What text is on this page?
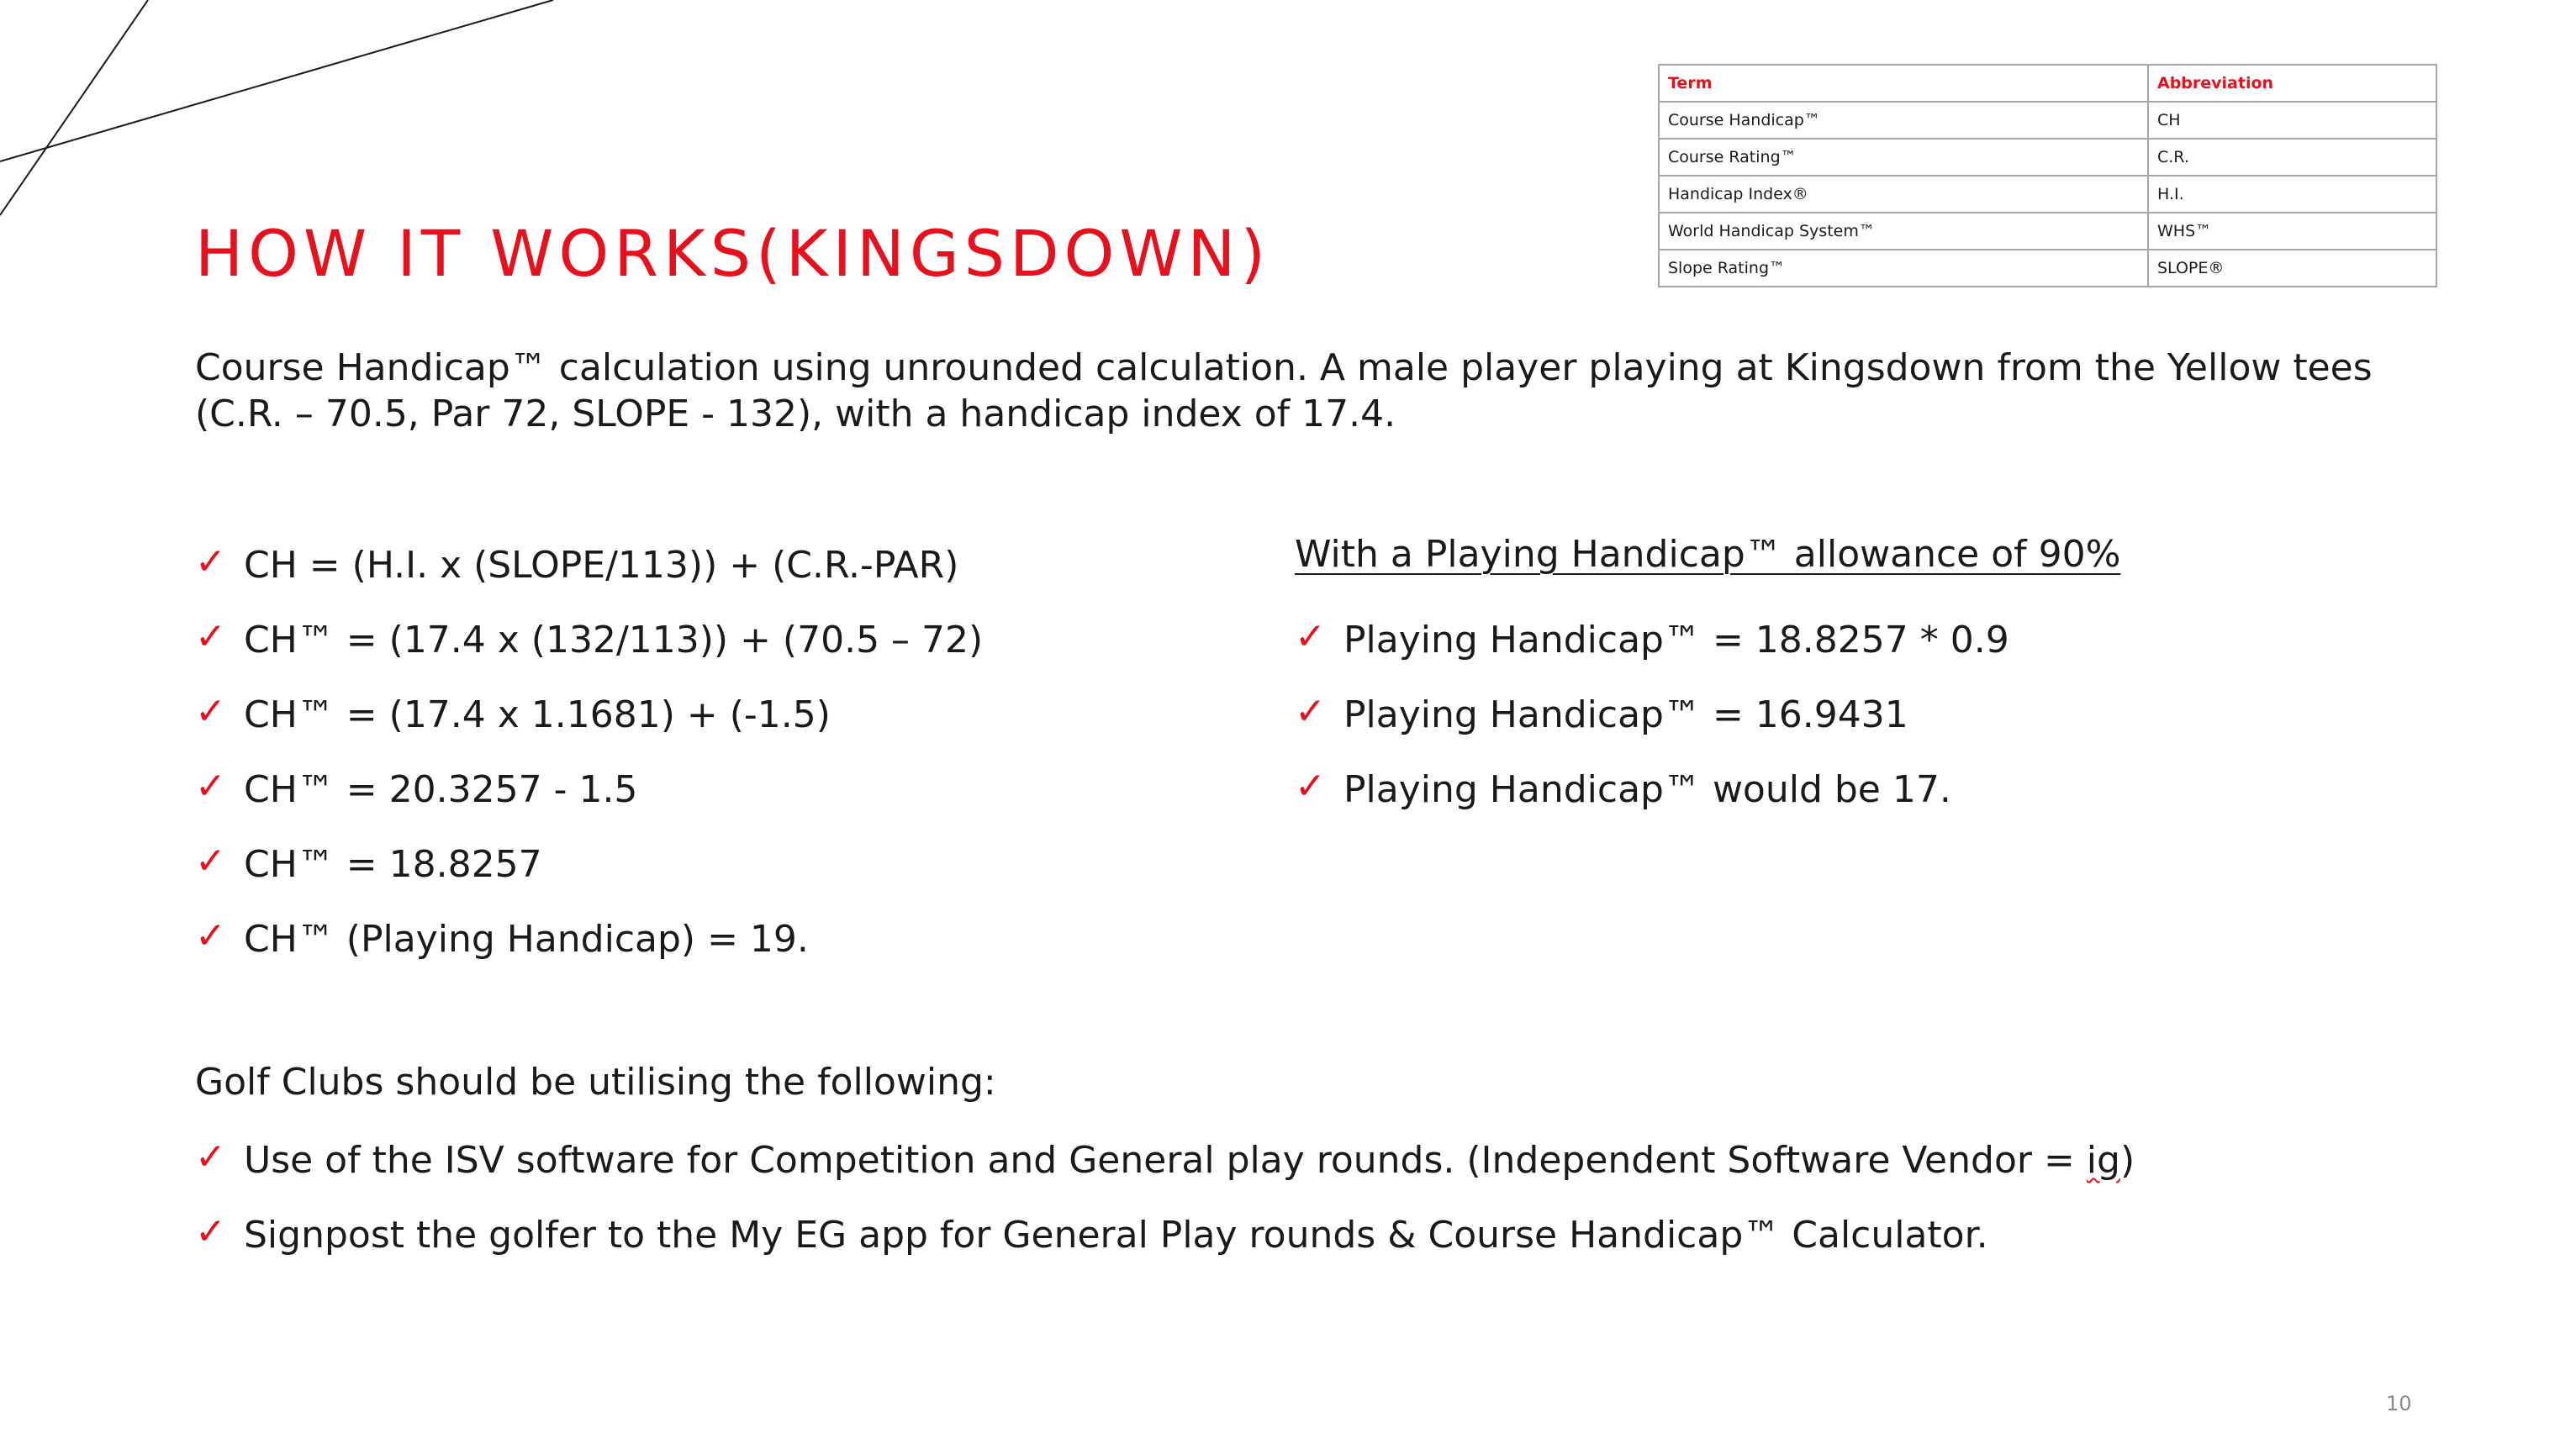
HOW IT WORKS(KINGSDOWN)
Term	Abbreviation
Course Handicap™	CH
Course Rating™	C.R.
Handicap Index®	H.I.
World Handicap System™	WHS™
Slope Rating™	SLOPE®

Course Handicap™ calculation using unrounded calculation. A male player playing at Kingsdown from the Yellow tees (C.R. – 70.5, Par 72, SLOPE - 132), with a handicap index of 17.4.

✓ CH = (H.I. x (SLOPE/113)) + (C.R.-PAR)
✓ CH™ = (17.4 x (132/113)) + (70.5 – 72)
✓ CH™ = (17.4 x 1.1681) + (-1.5)
✓ CH™ = 20.3257 - 1.5
✓ CH™ = 18.8257
✓ CH™ (Playing Handicap) = 19.
With a Playing Handicap™ allowance of 90%
✓ Playing Handicap™ = 18.8257 * 0.9
✓ Playing Handicap™ = 16.9431
✓ Playing Handicap™ would be 17.
Golf Clubs should be utilising the following:
✓ Use of the ISV software for Competition and General play rounds. (Independent Software Vendor = ig)
✓ Signpost the golfer to the My EG app for General Play rounds & Course Handicap™ Calculator.
10
